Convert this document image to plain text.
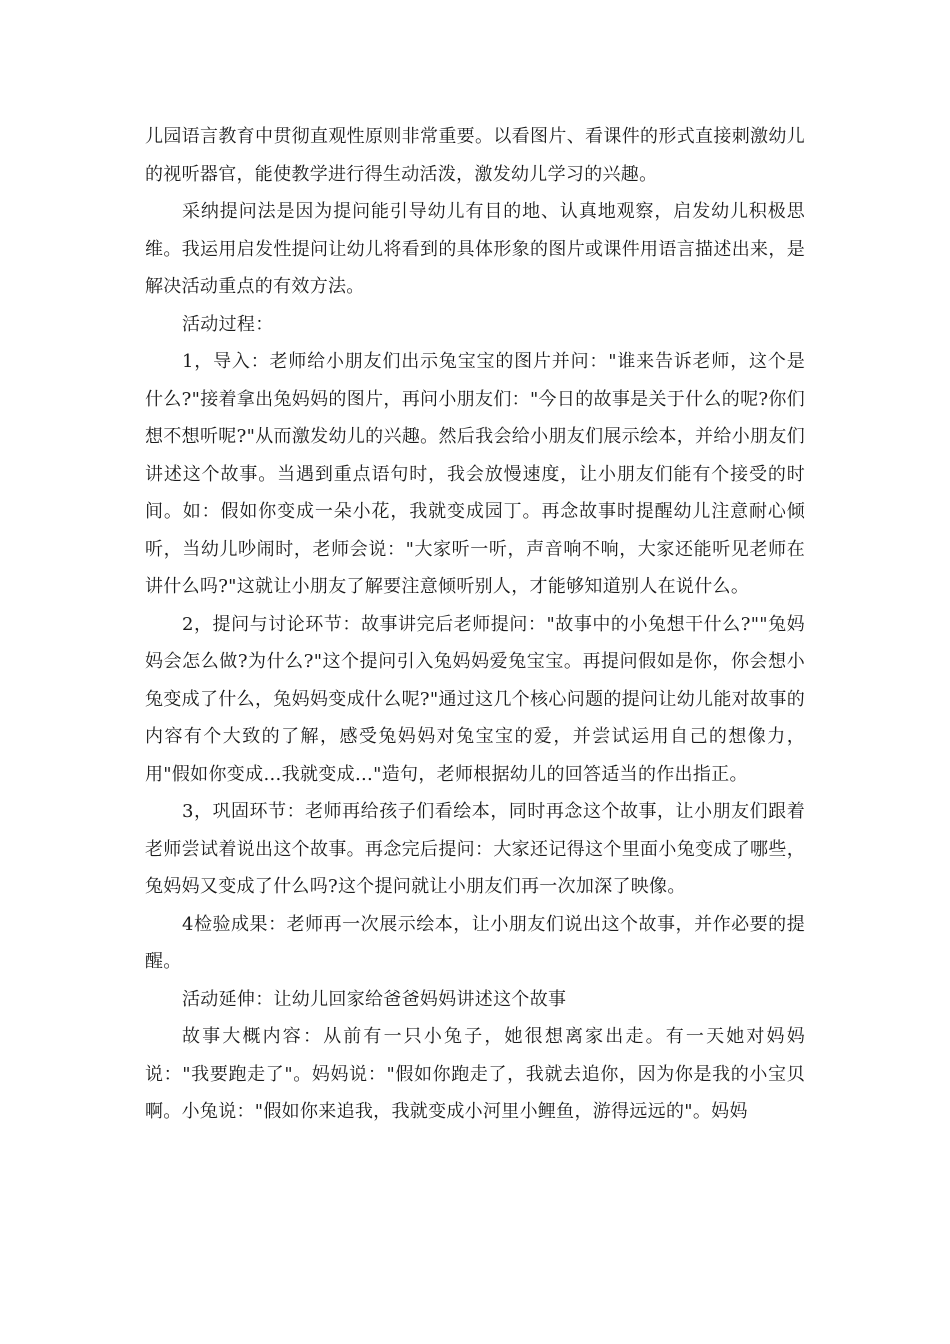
儿园语言教育中贯彻直观性原则非常重要。以看图片、看课件的形式直接刺激幼儿的视听器官，能使教学进行得生动活泼，激发幼儿学习的兴趣。

采纳提问法是因为提问能引导幼儿有目的地、认真地观察，启发幼儿积极思维。我运用启发性提问让幼儿将看到的具体形象的图片或课件用语言描述出来，是解决活动重点的有效方法。

活动过程：

1，导入：老师给小朋友们出示兔宝宝的图片并问："谁来告诉老师，这个是什么?"接着拿出兔妈妈的图片，再问小朋友们："今日的故事是关于什么的呢?你们想不想听呢?"从而激发幼儿的兴趣。然后我会给小朋友们展示绘本，并给小朋友们讲述这个故事。当遇到重点语句时，我会放慢速度，让小朋友们能有个接受的时间。如：假如你变成一朵小花，我就变成园丁。再念故事时提醒幼儿注意耐心倾听，当幼儿吵闹时，老师会说："大家听一听，声音响不响，大家还能听见老师在讲什么吗?"这就让小朋友了解要注意倾听别人，才能够知道别人在说什么。

2，提问与讨论环节：故事讲完后老师提问："故事中的小兔想干什么?""兔妈妈会怎么做?为什么?"这个提问引入兔妈妈爱兔宝宝。再提问假如是你，你会想小兔变成了什么，兔妈妈变成什么呢?"通过这几个核心问题的提问让幼儿能对故事的内容有个大致的了解，感受兔妈妈对兔宝宝的爱，并尝试运用自己的想像力，用"假如你变成…我就变成…"造句，老师根据幼儿的回答适当的作出指正。

3，巩固环节：老师再给孩子们看绘本，同时再念这个故事，让小朋友们跟着老师尝试着说出这个故事。再念完后提问：大家还记得这个里面小兔变成了哪些，兔妈妈又变成了什么吗?这个提问就让小朋友们再一次加深了映像。

4检验成果：老师再一次展示绘本，让小朋友们说出这个故事，并作必要的提醒。

活动延伸：让幼儿回家给爸爸妈妈讲述这个故事

故事大概内容：从前有一只小兔子，她很想离家出走。有一天她对妈妈说："我要跑走了"。妈妈说："假如你跑走了，我就去追你，因为你是我的小宝贝啊。小兔说："假如你来追我，我就变成小河里小鲤鱼，游得远远的"。妈妈
